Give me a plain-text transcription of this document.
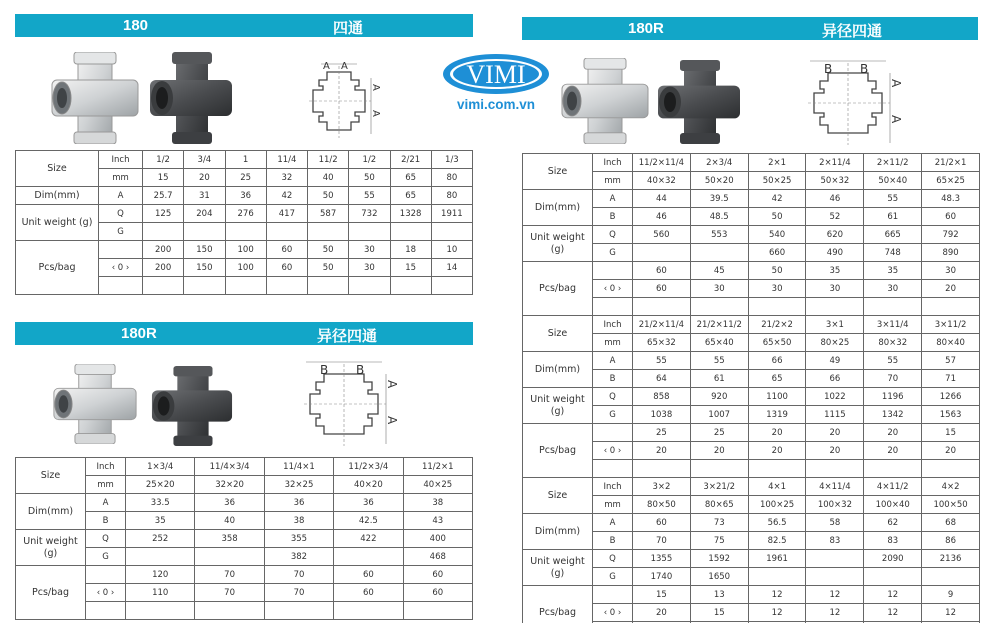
180	四通
A A
A
A
VIMI
vimi.com.vn
Size	Inch	1/2	3/4	1	11/4	11/2	1/2	2/21	1/3
	mm	15	20	25	32	40	50	65	80
Dim(mm)	A	25.7	31	36	42	50	55	65	80
Unit weight (g)	Q	125	204	276	417	587	732	1328	1911
	G								
Pcs/bag		200	150	100	60	50	30	18	10
	‹ 0 ›	200	150	100	60	50	30	15	14

180R	异径四通
B B
A
A
Size	Inch	1×3/4	11/4×3/4	11/4×1	11/2×3/4	11/2×1
	mm	25×20	32×20	32×25	40×20	40×25
Dim(mm)	A	33.5	36	36	36	38
	B	35	40	38	42.5	43
Unit weight (g)	Q	252	358	355	422	400
	G			382		468
Pcs/bag		120	70	70	60	60
	‹ 0 ›	110	70	70	60	60

180R	异径四通
B B
A
A
Size	Inch	11/2×11/4	2×3/4	2×1	2×11/4	2×11/2	21/2×1
	mm	40×32	50×20	50×25	50×32	50×40	65×25
Dim(mm)	A	44	39.5	42	46	55	48.3
	B	46	48.5	50	52	61	60
Unit weight (g)	Q	560	553	540	620	665	792
	G			660	490	748	890
Pcs/bag		60	45	50	35	35	30
	‹ 0 ›	60	30	30	30	30	20

Size	Inch	21/2×11/4	21/2×11/2	21/2×2	3×1	3×11/4	3×11/2
	mm	65×32	65×40	65×50	80×25	80×32	80×40
Dim(mm)	A	55	55	66	49	55	57
	B	64	61	65	66	70	71
Unit weight (g)	Q	858	920	1100	1022	1196	1266
	G	1038	1007	1319	1115	1342	1563
Pcs/bag		25	25	20	20	20	15
	‹ 0 ›	20	20	20	20	20	20

Size	Inch	3×2	3×21/2	4×1	4×11/4	4×11/2	4×2
	mm	80×50	80×65	100×25	100×32	100×40	100×50
Dim(mm)	A	60	73	56.5	58	62	68
	B	70	75	82.5	83	83	86
Unit weight (g)	Q	1355	1592	1961		2090	2136
	G	1740	1650				
Pcs/bag		15	13	12	12	12	9
	‹ 0 ›	20	15	12	12	12	12
